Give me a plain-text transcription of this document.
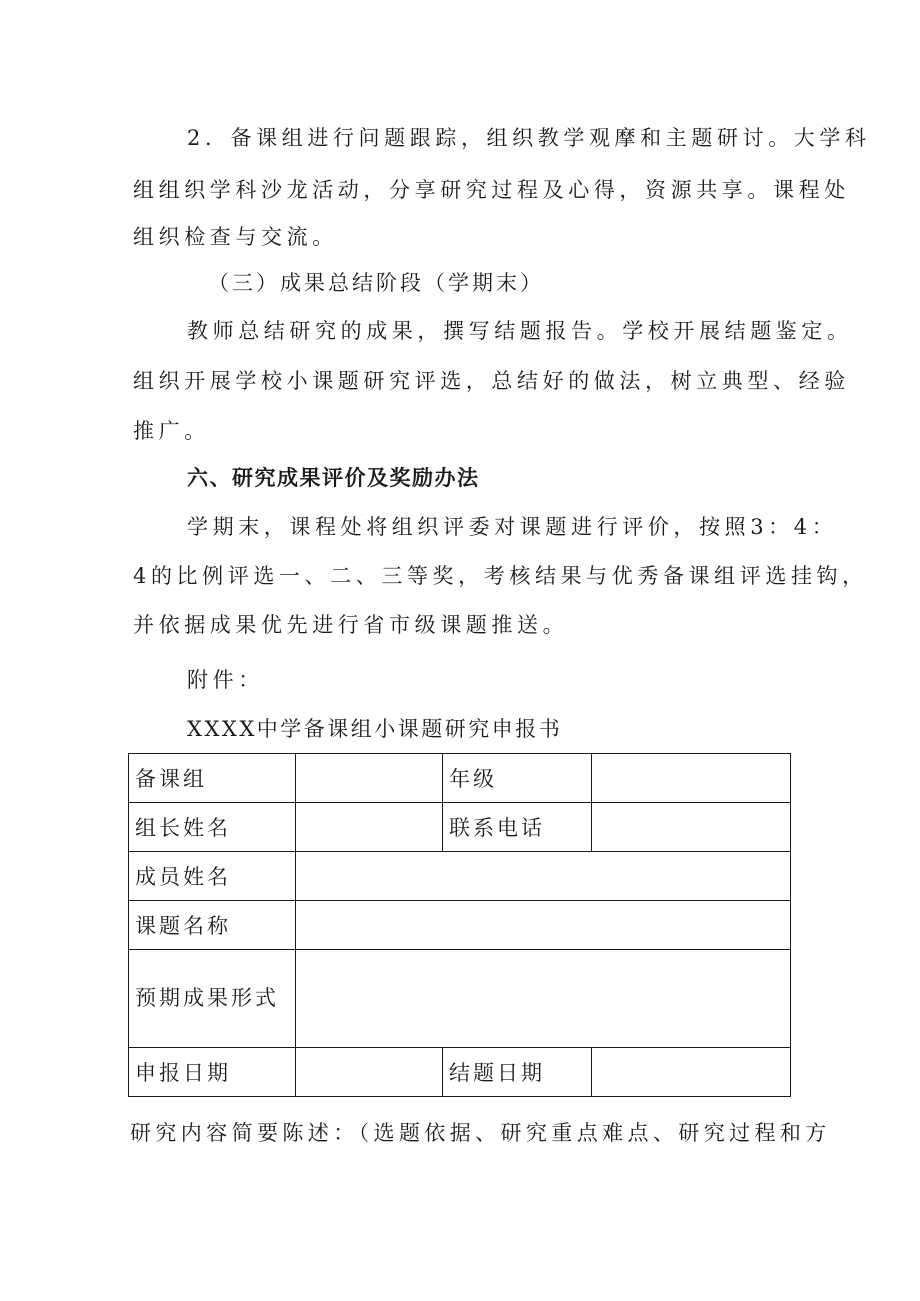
2．备课组进行问题跟踪，组织教学观摩和主题研讨。大学科
组组织学科沙龙活动，分享研究过程及心得，资源共享。课程处
组织检查与交流。
（三）成果总结阶段（学期末）
教师总结研究的成果，撰写结题报告。学校开展结题鉴定。
组织开展学校小课题研究评选，总结好的做法，树立典型、经验
推广。
六、研究成果评价及奖励办法
学期末，课程处将组织评委对课题进行评价，按照3：4：
4的比例评选一、二、三等奖，考核结果与优秀备课组评选挂钩，
并依据成果优先进行省市级课题推送。
附件：
XXXX中学备课组小课题研究申报书
备课组		年级	
组长姓名		联系电话	
成员姓名			
课题名称			
预期成果形式			
申报日期		结题日期	
研究内容简要陈述：（选题依据、研究重点难点、研究过程和方
